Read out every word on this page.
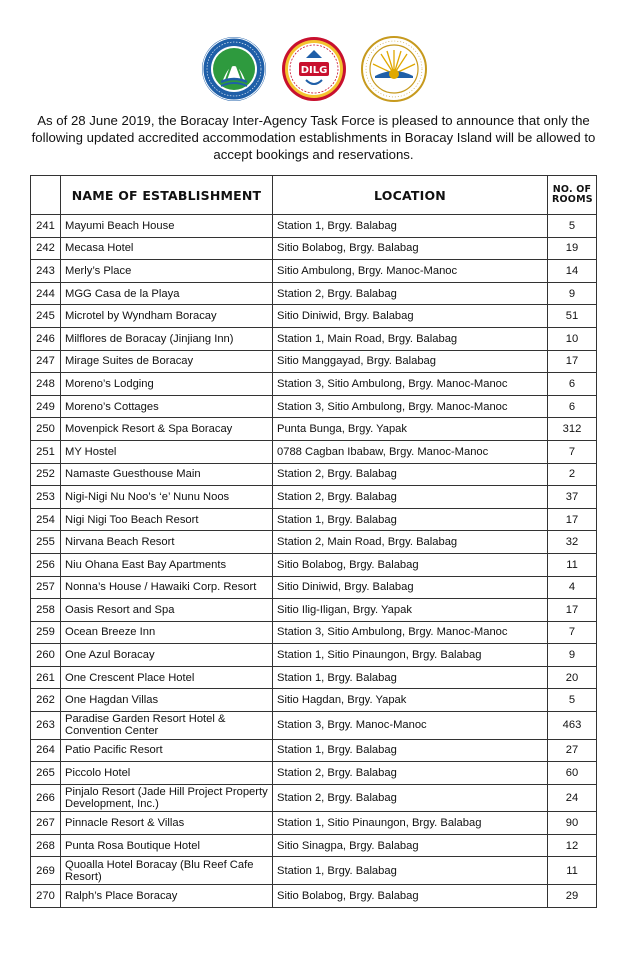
DILG
As of 28 June 2019, the Boracay Inter-Agency Task Force is pleased to announce that only the following updated accredited accommodation establishments in Boracay Island will be allowed to accept bookings and reservations.
	NAME OF ESTABLISHMENT	LOCATION	NO. OF
ROOMS
241	Mayumi Beach House	Station 1, Brgy. Balabag	5
242	Mecasa Hotel	Sitio Bolabog, Brgy. Balabag	19
243	Merly’s Place	Sitio Ambulong, Brgy. Manoc-Manoc	14
244	MGG Casa de la Playa	Station 2, Brgy. Balabag	9
245	Microtel by Wyndham Boracay	Sitio Diniwid, Brgy. Balabag	51
246	Milflores de Boracay (Jinjiang Inn)	Station 1, Main Road, Brgy. Balabag	10
247	Mirage Suites de Boracay	Sitio Manggayad, Brgy. Balabag	17
248	Moreno’s Lodging	Station 3, Sitio Ambulong, Brgy. Manoc-Manoc	6
249	Moreno’s Cottages	Station 3, Sitio Ambulong, Brgy. Manoc-Manoc	6
250	Movenpick Resort & Spa Boracay	Punta Bunga, Brgy. Yapak	312
251	MY Hostel	0788 Cagban Ibabaw, Brgy. Manoc-Manoc	7
252	Namaste Guesthouse Main	Station 2, Brgy. Balabag	2
253	Nigi-Nigi Nu Noo’s ‘e’ Nunu Noos	Station 2, Brgy. Balabag	37
254	Nigi Nigi Too Beach Resort	Station 1, Brgy. Balabag	17
255	Nirvana Beach Resort	Station 2, Main Road, Brgy. Balabag	32
256	Niu Ohana East Bay Apartments	Sitio Bolabog, Brgy. Balabag	11
257	Nonna’s House / Hawaiki Corp. Resort	Sitio Diniwid, Brgy. Balabag	4
258	Oasis Resort and Spa	Sitio Ilig-Iligan, Brgy. Yapak	17
259	Ocean Breeze Inn	Station 3, Sitio Ambulong, Brgy. Manoc-Manoc	7
260	One Azul Boracay	Station 1, Sitio Pinaungon, Brgy. Balabag	9
261	One Crescent Place Hotel	Station 1, Brgy. Balabag	20
262	One Hagdan Villas	Sitio Hagdan, Brgy. Yapak	5
263	Paradise Garden Resort Hotel & Convention Center	Station 3, Brgy. Manoc-Manoc	463
264	Patio Pacific Resort	Station 1, Brgy. Balabag	27
265	Piccolo Hotel	Station 2, Brgy. Balabag	60
266	Pinjalo Resort (Jade Hill Project Property Development, Inc.)	Station 2, Brgy. Balabag	24
267	Pinnacle Resort & Villas	Station 1, Sitio Pinaungon, Brgy. Balabag	90
268	Punta Rosa Boutique Hotel	Sitio Sinagpa, Brgy. Balabag	12
269	Quoalla Hotel Boracay (Blu Reef Cafe Resort)	Station 1, Brgy. Balabag	11
270	Ralph’s Place Boracay	Sitio Bolabog, Brgy. Balabag	29
